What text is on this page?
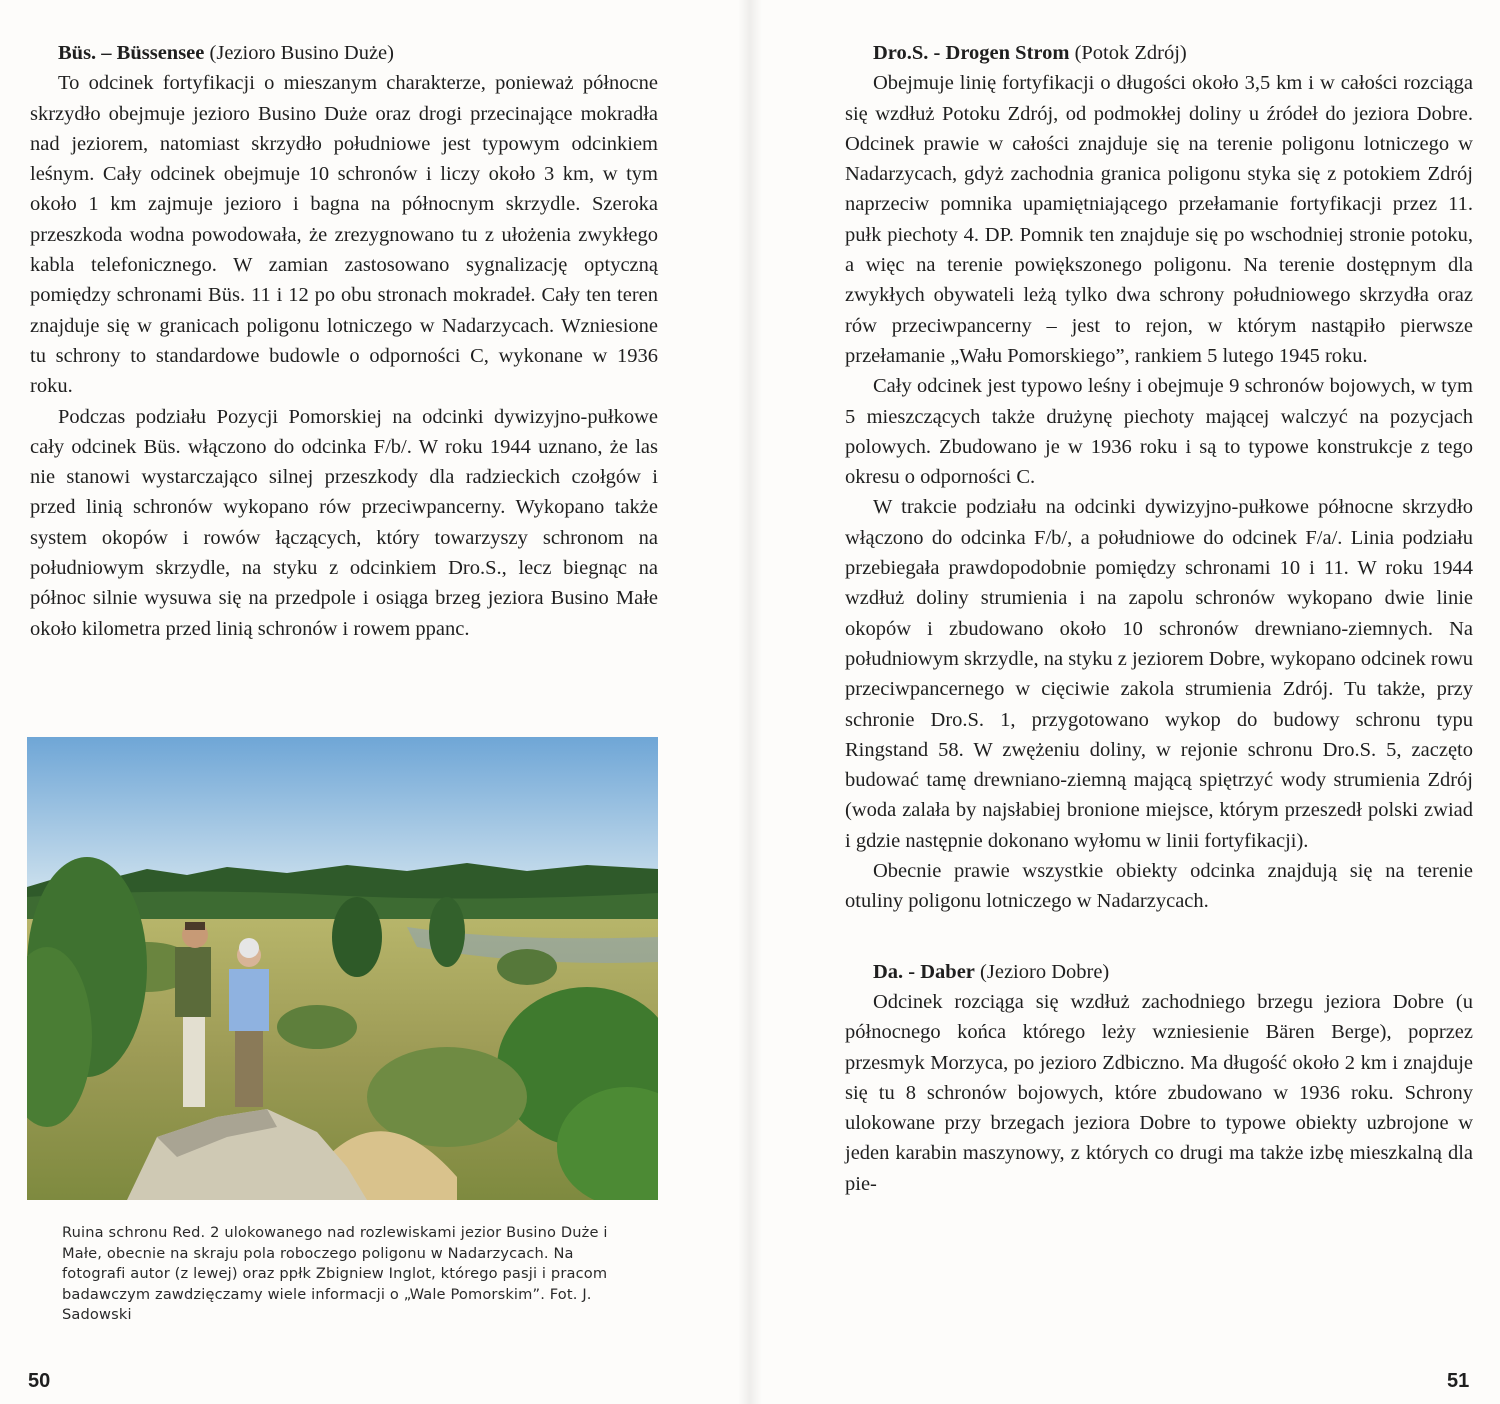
Büs. – Büssensee (Jezioro Busino Duże)

To odcinek fortyfikacji o mieszanym charakterze, ponieważ północne skrzydło obejmuje jezioro Busino Duże oraz drogi przecinające mokradła nad jeziorem, natomiast skrzydło południowe jest typowym odcinkiem leśnym. Cały odcinek obejmuje 10 schronów i liczy około 3 km, w tym około 1 km zajmuje jezioro i bagna na północnym skrzydle. Szeroka przeszkoda wodna powodowała, że zrezygnowano tu z ułożenia zwykłego kabla telefonicznego. W zamian zastosowano sygnalizację optyczną pomiędzy schronami Büs. 11 i 12 po obu stronach mokradeł. Cały ten teren znajduje się w granicach poligonu lotniczego w Nadarzycach. Wzniesione tu schrony to standardowe budowle o odporności C, wykonane w 1936 roku.

Podczas podziału Pozycji Pomorskiej na odcinki dywizyjno-pułkowe cały odcinek Büs. włączono do odcinka F/b/. W roku 1944 uznano, że las nie stanowi wystarczająco silnej przeszkody dla radzieckich czołgów i przed linią schronów wykopano rów przeciwpancerny. Wykopano także system okopów i rowów łączących, który towarzyszy schronom na południowym skrzydle, na styku z odcinkiem Dro.S., lecz biegnąc na północ silnie wysuwa się na przedpole i osiąga brzeg jeziora Busino Małe około kilometra przed linią schronów i rowem ppanc.

Ruina schronu Red. 2 ulokowanego nad rozlewiskami jezior Busino Duże i Małe, obecnie na skraju pola roboczego poligonu w Nadarzycach. Na fotografi autor (z lewej) oraz ppłk Zbigniew Inglot, którego pasji i pracom badawczym zawdzięczamy wiele informacji o „Wale Pomorskim”. Fot. J. Sadowski
50

Dro.S. - Drogen Strom (Potok Zdrój)

Obejmuje linię fortyfikacji o długości około 3,5 km i w całości rozciąga się wzdłuż Potoku Zdrój, od podmokłej doliny u źródeł do jeziora Dobre. Odcinek prawie w całości znajduje się na terenie poligonu lotniczego w Nadarzycach, gdyż zachodnia granica poligonu styka się z potokiem Zdrój naprzeciw pomnika upamiętniającego przełamanie fortyfikacji przez 11. pułk piechoty 4. DP. Pomnik ten znajduje się po wschodniej stronie potoku, a więc na terenie powiększonego poligonu. Na terenie dostępnym dla zwykłych obywateli leżą tylko dwa schrony południowego skrzydła oraz rów przeciwpancerny – jest to rejon, w którym nastąpiło pierwsze przełamanie „Wału Pomorskiego”, rankiem 5 lutego 1945 roku.

Cały odcinek jest typowo leśny i obejmuje 9 schronów bojowych, w tym 5 mieszczących także drużynę piechoty mającej walczyć na pozycjach polowych. Zbudowano je w 1936 roku i są to typowe konstrukcje z tego okresu o odporności C.

W trakcie podziału na odcinki dywizyjno-pułkowe północne skrzydło włączono do odcinka F/b/, a południowe do odcinek F/a/. Linia podziału przebiegała prawdopodobnie pomiędzy schronami 10 i 11. W roku 1944 wzdłuż doliny strumienia i na zapolu schronów wykopano dwie linie okopów i zbudowano około 10 schronów drewniano-ziemnych. Na południowym skrzydle, na styku z jeziorem Dobre, wykopano odcinek rowu przeciwpancernego w cięciwie zakola strumienia Zdrój. Tu także, przy schronie Dro.S. 1, przygotowano wykop do budowy schronu typu Ringstand 58. W zwężeniu doliny, w rejonie schronu Dro.S. 5, zaczęto budować tamę drewniano-ziemną mającą spiętrzyć wody strumienia Zdrój (woda zalała by najsłabiej bronione miejsce, którym przeszedł polski zwiad i gdzie następnie dokonano wyłomu w linii fortyfikacji).

Obecnie prawie wszystkie obiekty odcinka znajdują się na terenie otuliny poligonu lotniczego w Nadarzycach.

Da. - Daber (Jezioro Dobre)

Odcinek rozciąga się wzdłuż zachodniego brzegu jeziora Dobre (u północnego końca którego leży wzniesienie Bären Berge), poprzez przesmyk Morzyca, po jezioro Zdbiczno. Ma długość około 2 km i znajduje się tu 8 schronów bojowych, które zbudowano w 1936 roku. Schrony ulokowane przy brzegach jeziora Dobre to typowe obiekty uzbrojone w jeden karabin maszynowy, z których co drugi ma także izbę mieszkalną dla pie-

51
